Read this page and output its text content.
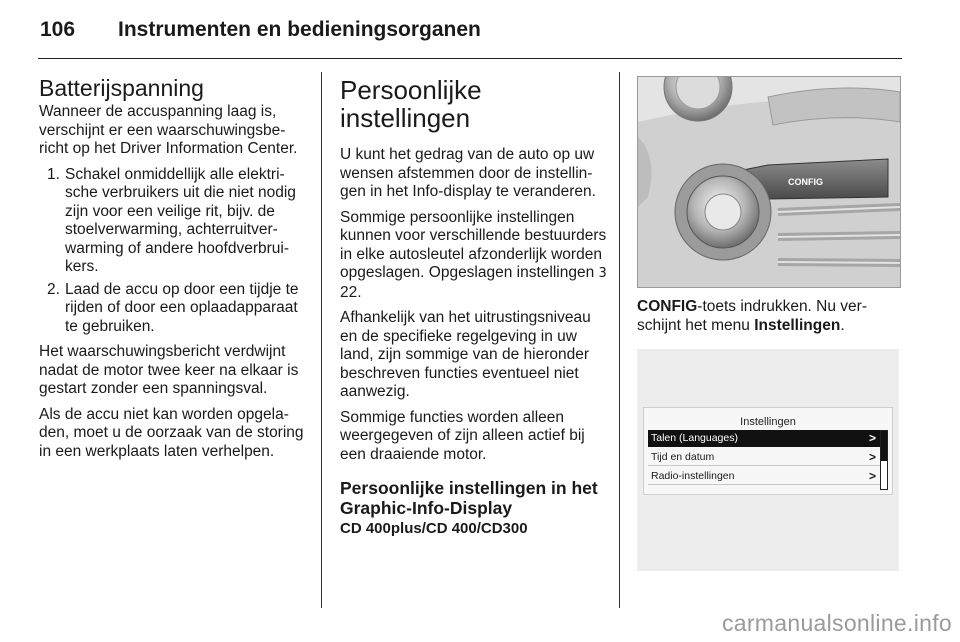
106 Instrumenten en bedieningsorganen
Batterijspanning

Wanneer de accuspanning laag is, verschijnt er een waarschuwingsbericht op het Driver Information Center.

1. Schakel onmiddellijk alle elektrische verbruikers uit die niet nodig zijn voor een veilige rit, bijv. de stoelverwarming, achterruitverwarming of andere hoofdverbruikers.
2. Laad de accu op door een tijdje te rijden of door een oplaadapparaat te gebruiken.

Het waarschuwingsbericht verdwijnt nadat de motor twee keer na elkaar is gestart zonder een spanningsval.

Als de accu niet kan worden opgeladen, moet u de oorzaak van de storing in een werkplaats laten verhelpen.

Persoonlijke instellingen

U kunt het gedrag van de auto op uw wensen afstemmen door de instellingen in het Info-display te veranderen.

Sommige persoonlijke instellingen kunnen voor verschillende bestuurders in elke autosleutel afzonderlijk worden opgeslagen. Opgeslagen instellingen 3 22.

Afhankelijk van het uitrustingsniveau en de specifieke regelgeving in uw land, zijn sommige van de hieronder beschreven functies eventueel niet aanwezig.

Sommige functies worden alleen weergegeven of zijn alleen actief bij een draaiende motor.

Persoonlijke instellingen in het Graphic-Info-Display
CD 400plus/CD 400/CD300
CONFIG

CONFIG-toets indrukken. Nu verschijnt het menu Instellingen.

Instellingen
Talen (Languages)	>
Tijd en datum	>
Radio-instellingen	>
carmanualsonline.info
